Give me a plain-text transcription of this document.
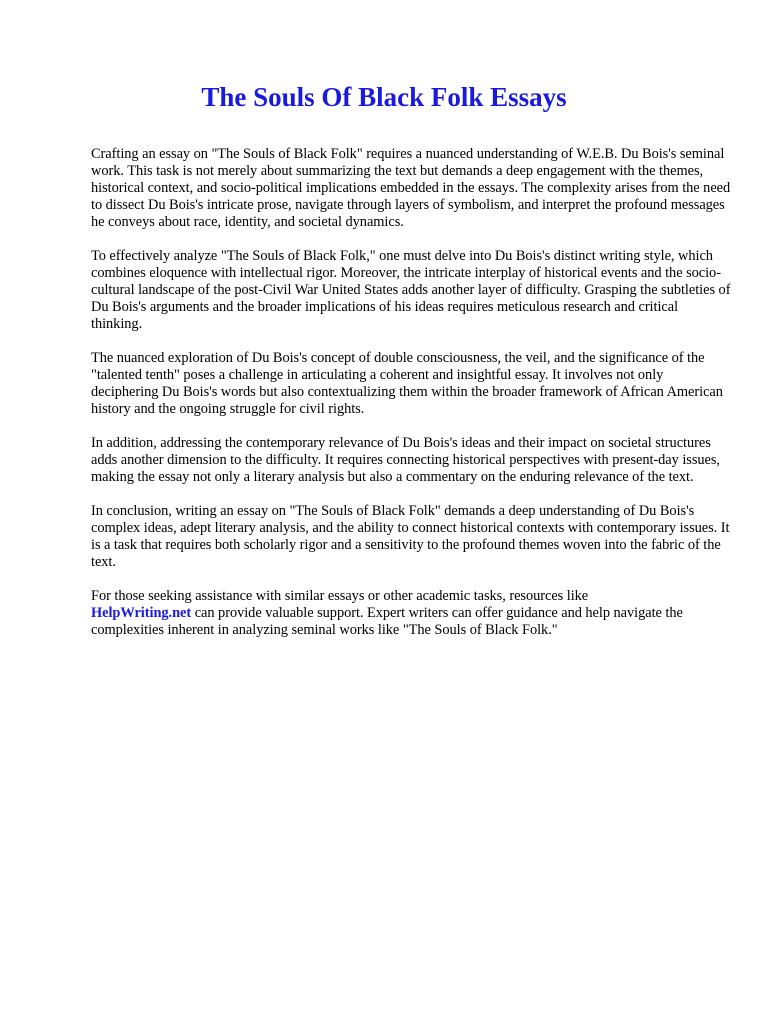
The Souls Of Black Folk Essays

Crafting an essay on "The Souls of Black Folk" requires a nuanced understanding of W.E.B. Du Bois's seminal work. This task is not merely about summarizing the text but demands a deep engagement with the themes, historical context, and socio-political implications embedded in the essays. The complexity arises from the need to dissect Du Bois's intricate prose, navigate through layers of symbolism, and interpret the profound messages he conveys about race, identity, and societal dynamics.

To effectively analyze "The Souls of Black Folk," one must delve into Du Bois's distinct writing style, which combines eloquence with intellectual rigor. Moreover, the intricate interplay of historical events and the socio-cultural landscape of the post-Civil War United States adds another layer of difficulty. Grasping the subtleties of Du Bois's arguments and the broader implications of his ideas requires meticulous research and critical thinking.

The nuanced exploration of Du Bois's concept of double consciousness, the veil, and the significance of the "talented tenth" poses a challenge in articulating a coherent and insightful essay. It involves not only deciphering Du Bois's words but also contextualizing them within the broader framework of African American history and the ongoing struggle for civil rights.

In addition, addressing the contemporary relevance of Du Bois's ideas and their impact on societal structures adds another dimension to the difficulty. It requires connecting historical perspectives with present-day issues, making the essay not only a literary analysis but also a commentary on the enduring relevance of the text.

In conclusion, writing an essay on "The Souls of Black Folk" demands a deep understanding of Du Bois's complex ideas, adept literary analysis, and the ability to connect historical contexts with contemporary issues. It is a task that requires both scholarly rigor and a sensitivity to the profound themes woven into the fabric of the text.

For those seeking assistance with similar essays or other academic tasks, resources like
HelpWriting.net can provide valuable support. Expert writers can offer guidance and help navigate the complexities inherent in analyzing seminal works like "The Souls of Black Folk."
